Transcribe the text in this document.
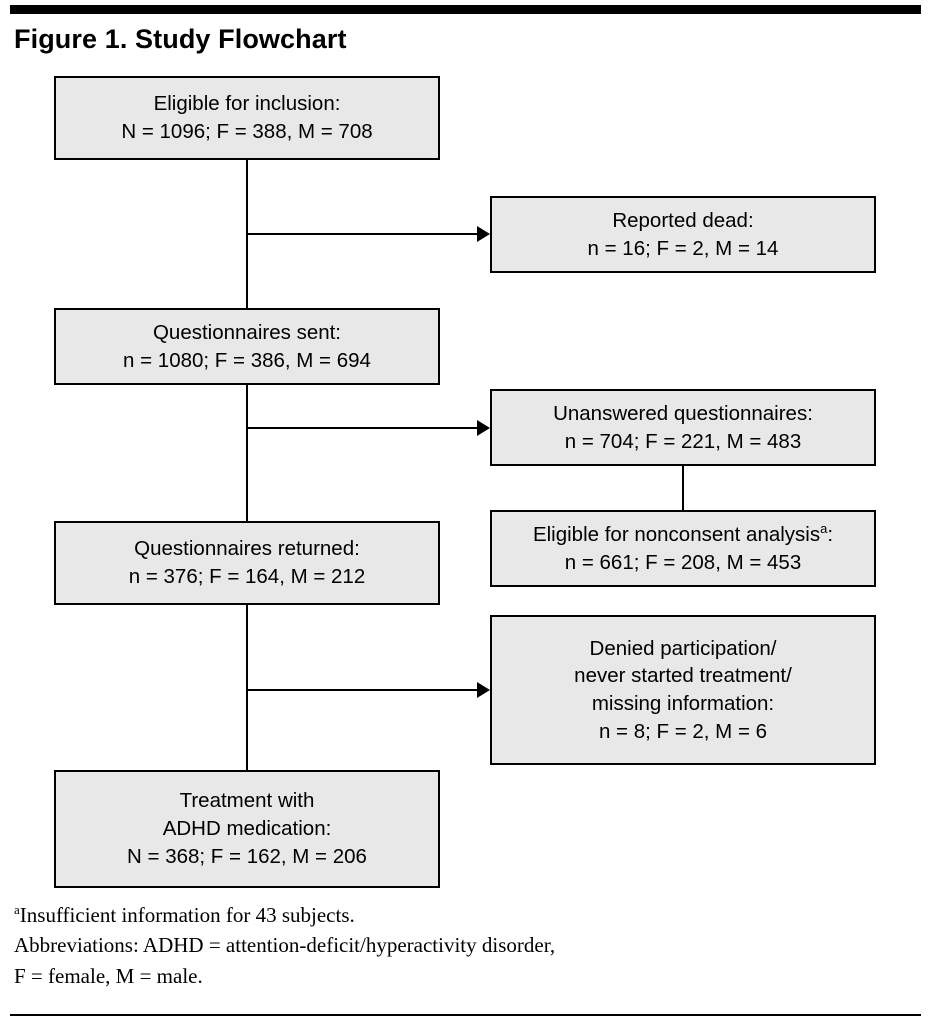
Figure 1. Study Flowchart
Eligible for inclusion:
N = 1096; F = 388, M = 708
Reported dead:
n = 16; F = 2, M = 14
Questionnaires sent:
n = 1080; F = 386, M = 694
Unanswered questionnaires:
n = 704; F = 221, M = 483
Eligible for nonconsent analysis$^a$:
n = 661; F = 208, M = 453
Questionnaires returned:
n = 376; F = 164, M = 212
Denied participation/
never started treatment/
missing information:
n = 8; F = 2, M = 6
Treatment with
ADHD medication:
N = 368; F = 162, M = 206
$^a$Insufficient information for 43 subjects.
Abbreviations: ADHD = attention-deficit/hyperactivity disorder,
F = female, M = male.
